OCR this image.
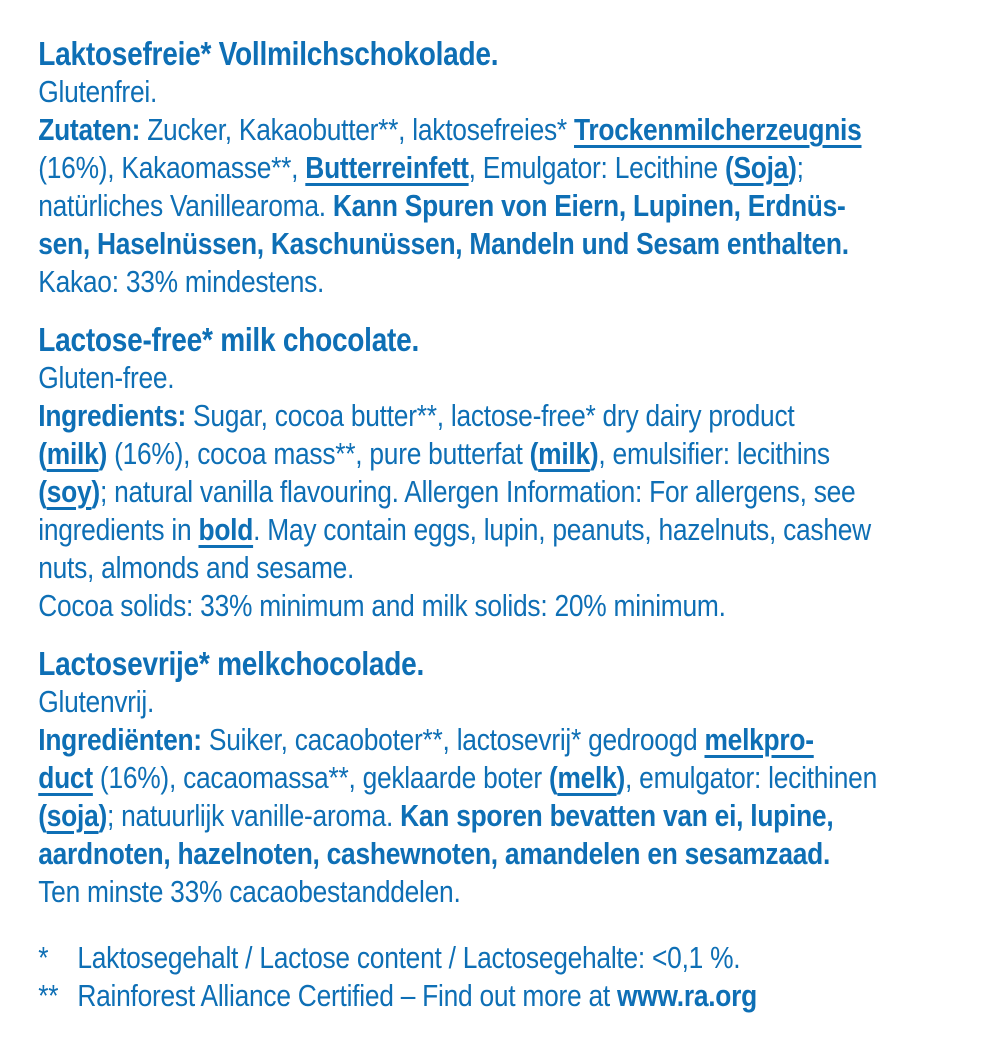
Laktosefreie* Vollmilchschokolade.
Glutenfrei.
Zutaten: Zucker, Kakaobutter**, laktosefreies* Trockenmilcherzeugnis
(16%), Kakaomasse**, Butterreinfett, Emulgator: Lecithine (Soja);
natürliches Vanillearoma. Kann Spuren von Eiern, Lupinen, Erdnüs-
sen, Haselnüssen, Kaschunüssen, Mandeln und Sesam enthalten.
Kakao: 33% mindestens.
Lactose-free* milk chocolate.
Gluten-free.
Ingredients: Sugar, cocoa butter**, lactose-free* dry dairy product
(milk) (16%), cocoa mass**, pure butterfat (milk), emulsifier: lecithins
(soy); natural vanilla flavouring. Allergen Information: For allergens, see
ingredients in bold. May contain eggs, lupin, peanuts, hazelnuts, cashew
nuts, almonds and sesame.
Cocoa solids: 33% minimum and milk solids: 20% minimum.
Lactosevrije* melkchocolade.
Glutenvrij.
Ingrediënten: Suiker, cacaoboter**, lactosevrij* gedroogd melkpro-
duct (16%), cacaomassa**, geklaarde boter (melk), emulgator: lecithinen
(soja); natuurlijk vanille-aroma. Kan sporen bevatten van ei, lupine,
aardnoten, hazelnoten, cashewnoten, amandelen en sesamzaad.
Ten minste 33% cacaobestanddelen.
* Laktosegehalt / Lactose content / Lactosegehalte: <0,1 %.
** Rainforest Alliance Certified – Find out more at www.ra.org
